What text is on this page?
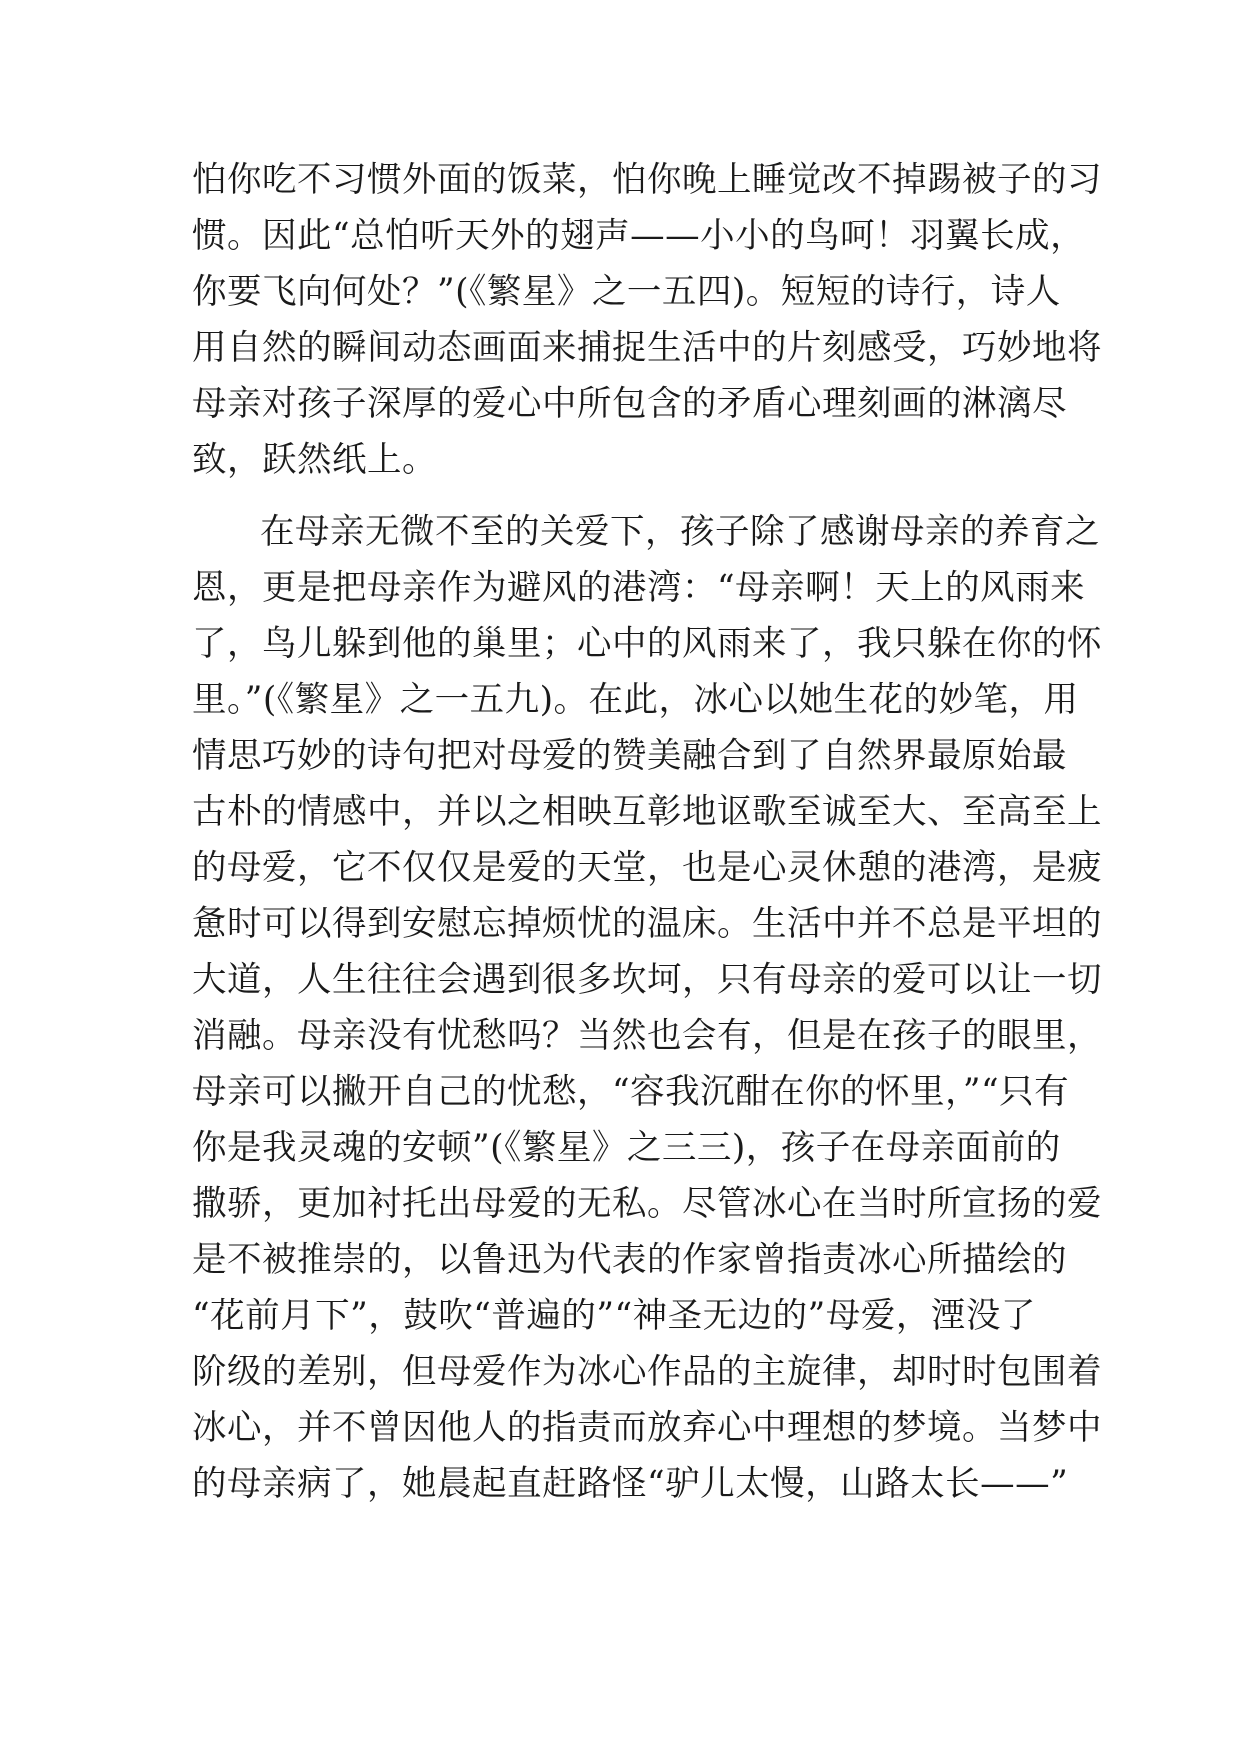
怕你吃不习惯外面的饭菜，怕你晚上睡觉改不掉踢被子的习
惯。因此“总怕听天外的翅声——小小的鸟呵！羽翼长成，
你要飞向何处？”(《繁星》之一五四)。短短的诗行，诗人
用自然的瞬间动态画面来捕捉生活中的片刻感受，巧妙地将
母亲对孩子深厚的爱心中所包含的矛盾心理刻画的淋漓尽
致，跃然纸上。
在母亲无微不至的关爱下，孩子除了感谢母亲的养育之
恩，更是把母亲作为避风的港湾：“母亲啊！天上的风雨来
了，鸟儿躲到他的巢里；心中的风雨来了，我只躲在你的怀
里。”(《繁星》之一五九)。在此，冰心以她生花的妙笔，用
情思巧妙的诗句把对母爱的赞美融合到了自然界最原始最
古朴的情感中，并以之相映互彰地讴歌至诚至大、至高至上
的母爱，它不仅仅是爱的天堂，也是心灵休憩的港湾，是疲
惫时可以得到安慰忘掉烦忧的温床。生活中并不总是平坦的
大道，人生往往会遇到很多坎坷，只有母亲的爱可以让一切
消融。母亲没有忧愁吗？当然也会有，但是在孩子的眼里，
母亲可以撇开自己的忧愁，“容我沉酣在你的怀里，”“只有
你是我灵魂的安顿”(《繁星》之三三)，孩子在母亲面前的
撒骄，更加衬托出母爱的无私。尽管冰心在当时所宣扬的爱
是不被推崇的，以鲁迅为代表的作家曾指责冰心所描绘的
“花前月下”，鼓吹“普遍的”“神圣无边的”母爱，湮没了
阶级的差别，但母爱作为冰心作品的主旋律，却时时包围着
冰心，并不曾因他人的指责而放弃心中理想的梦境。当梦中
的母亲病了，她晨起直赶路怪“驴儿太慢，山路太长——”
